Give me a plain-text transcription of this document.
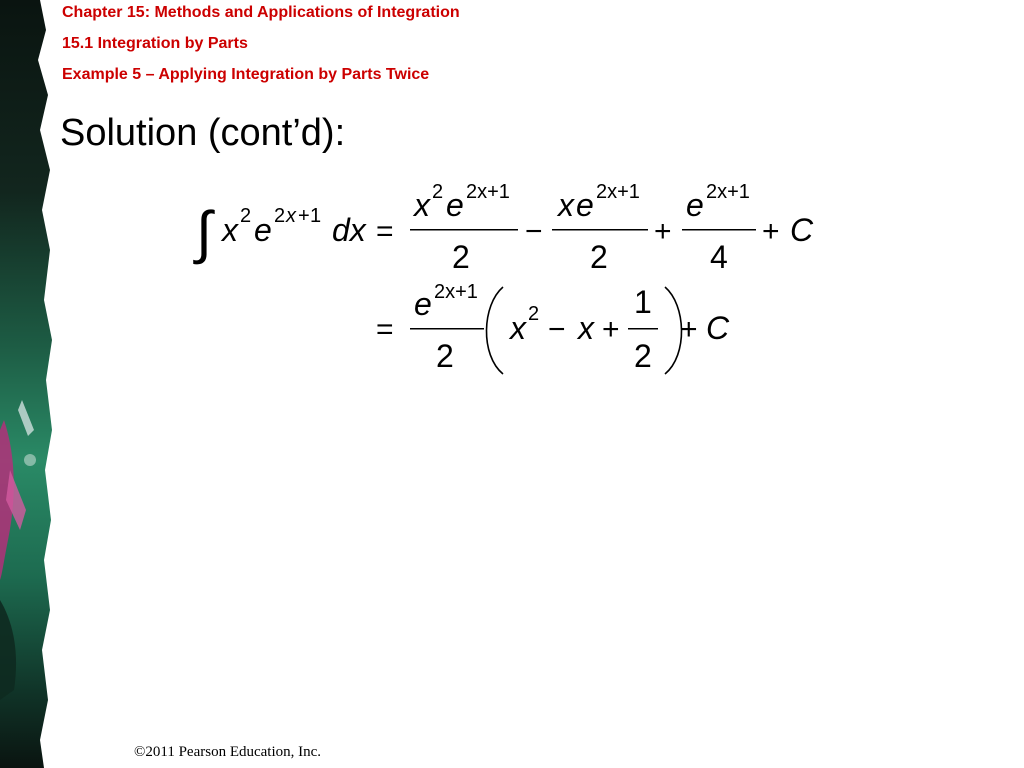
Chapter 15: Methods and Applications of Integration
15.1 Integration by Parts
Example 5 – Applying Integration by Parts Twice
Solution (cont’d):
∫ x 2 e 2 x + 1 dx =
x 2 e 2x+1
2
−
x e 2x+1
2
+
e 2x+1
4
+ C
=
e 2x+1
2
x 2 − x +
1
2
+ C
©2011 Pearson Education, Inc.
